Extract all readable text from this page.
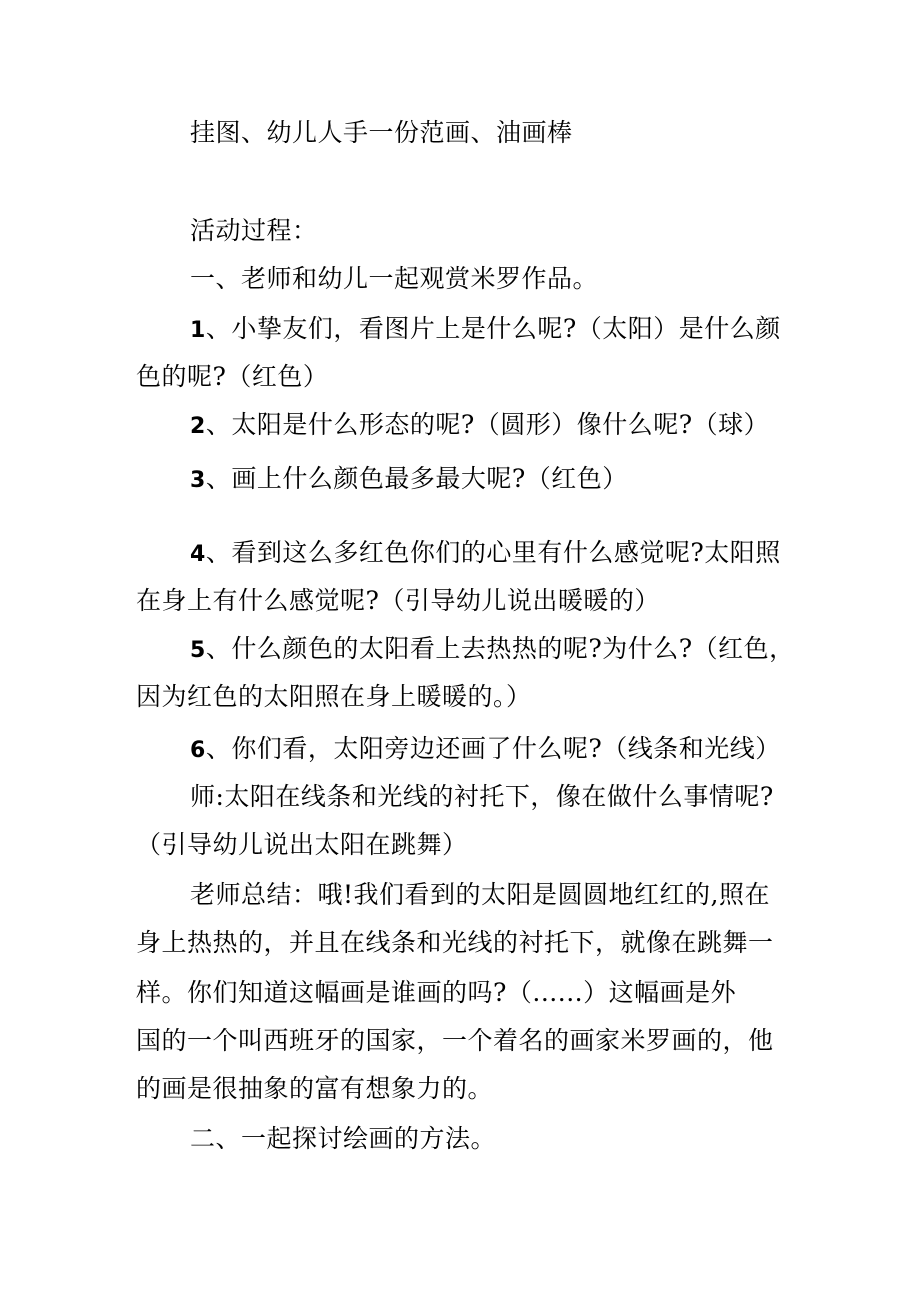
挂图、幼儿人手一份范画、油画棒
活动过程：
一、老师和幼儿一起观赏米罗作品。
1、小挚友们，看图片上是什么呢?（太阳）是什么颜
色的呢?（红色）
2、太阳是什么形态的呢?（圆形）像什么呢?（球）
3、画上什么颜色最多最大呢?（红色）
4、看到这么多红色你们的心里有什么感觉呢?太阳照
在身上有什么感觉呢?（引导幼儿说出暖暖的）
5、什么颜色的太阳看上去热热的呢?为什么?（红色，
因为红色的太阳照在身上暖暖的。）
6、你们看，太阳旁边还画了什么呢?（线条和光线）
师:太阳在线条和光线的衬托下，像在做什么事情呢?
（引导幼儿说出太阳在跳舞）
老师总结：哦!我们看到的太阳是圆圆地红红的,照在
身上热热的，并且在线条和光线的衬托下，就像在跳舞一
样。你们知道这幅画是谁画的吗?（......）这幅画是外
国的一个叫西班牙的国家，一个着名的画家米罗画的，他
的画是很抽象的富有想象力的。
二、一起探讨绘画的方法。
